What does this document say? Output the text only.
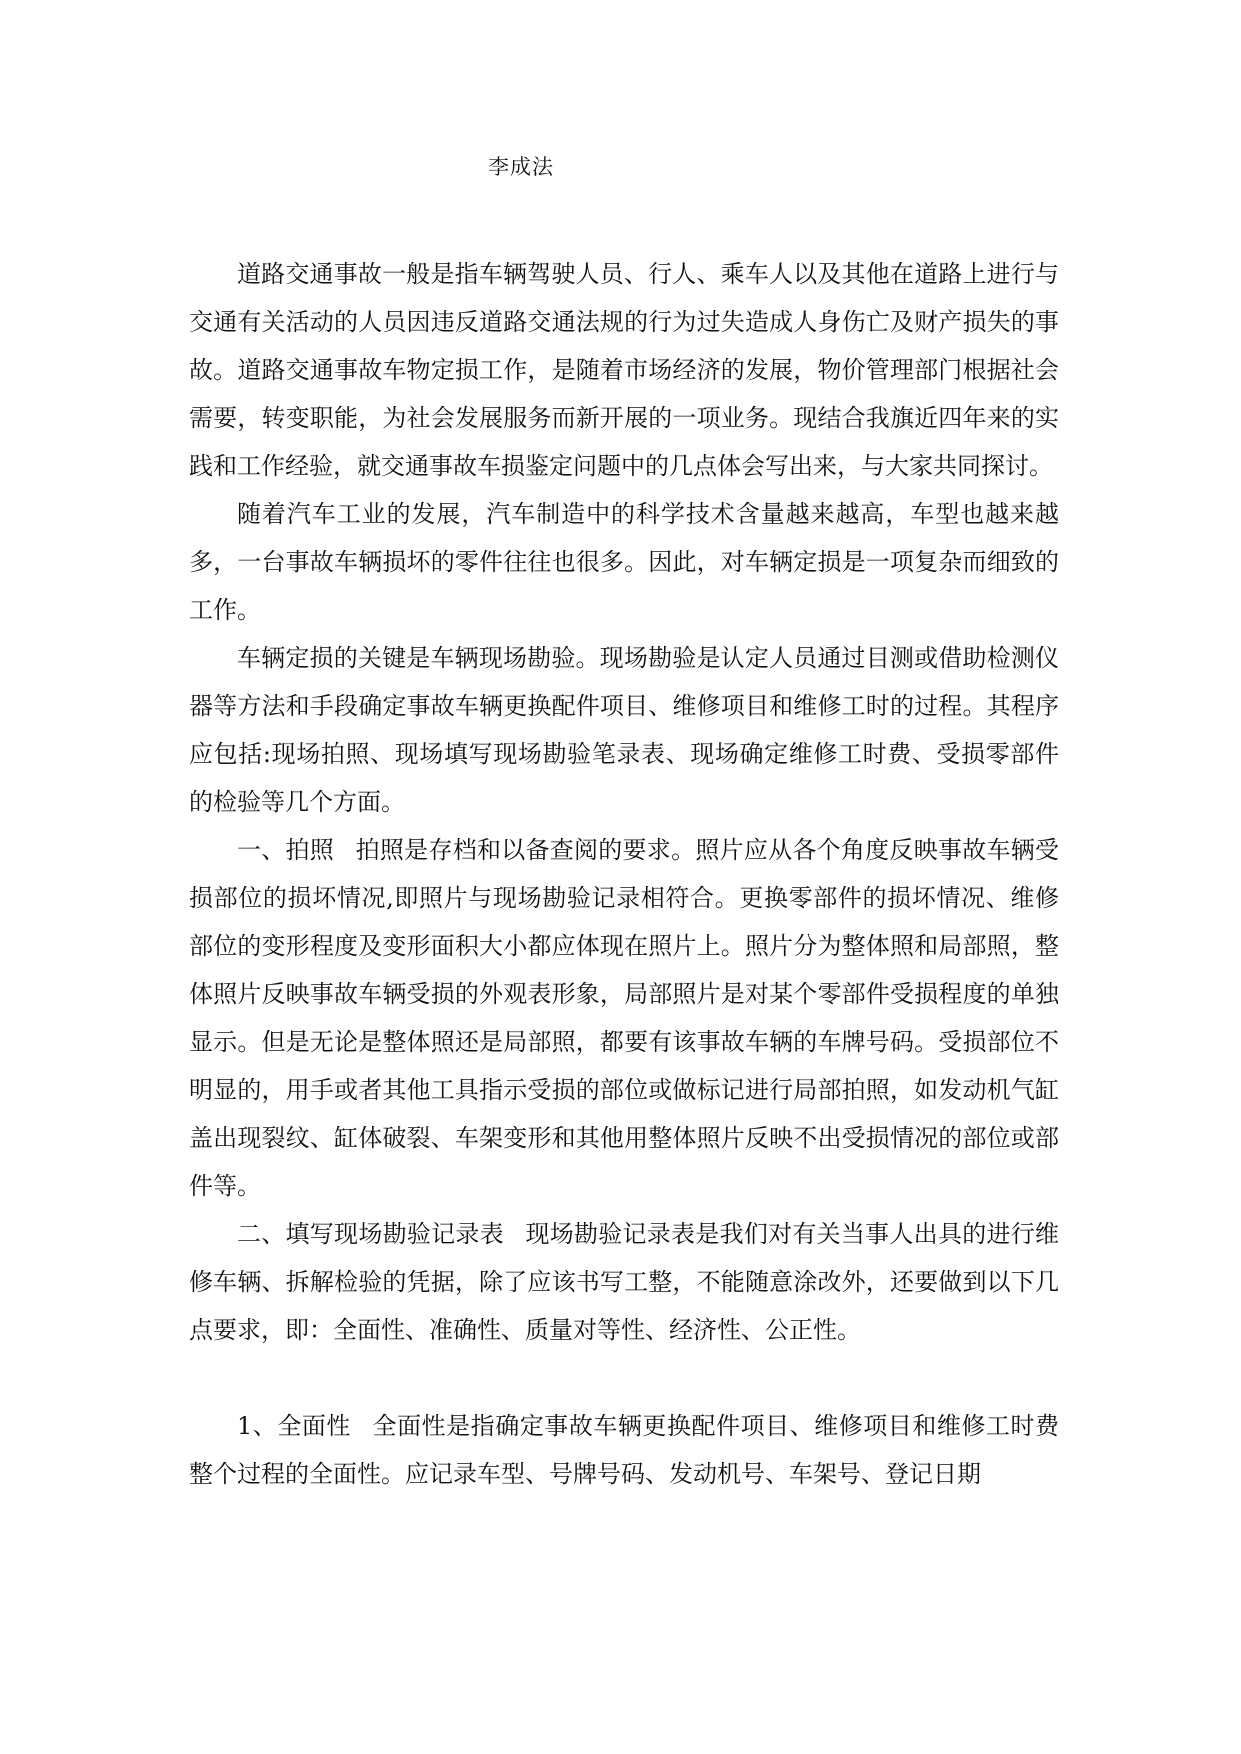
李成法

道路交通事故一般是指车辆驾驶人员、行人、乘车人以及其他在道路上进行与交通有关活动的人员因违反道路交通法规的行为过失造成人身伤亡及财产损失的事故。道路交通事故车物定损工作，是随着市场经济的发展，物价管理部门根据社会需要，转变职能，为社会发展服务而新开展的一项业务。现结合我旗近四年来的实践和工作经验，就交通事故车损鉴定问题中的几点体会写出来，与大家共同探讨。

随着汽车工业的发展，汽车制造中的科学技术含量越来越高，车型也越来越多，一台事故车辆损坏的零件往往也很多。因此，对车辆定损是一项复杂而细致的工作。

车辆定损的关键是车辆现场勘验。现场勘验是认定人员通过目测或借助检测仪器等方法和手段确定事故车辆更换配件项目、维修项目和维修工时的过程。其程序应包括:现场拍照、现场填写现场勘验笔录表、现场确定维修工时费、受损零部件的检验等几个方面。

一、拍照 拍照是存档和以备查阅的要求。照片应从各个角度反映事故车辆受损部位的损坏情况,即照片与现场勘验记录相符合。更换零部件的损坏情况、维修部位的变形程度及变形面积大小都应体现在照片上。照片分为整体照和局部照，整体照片反映事故车辆受损的外观表形象，局部照片是对某个零部件受损程度的单独显示。但是无论是整体照还是局部照，都要有该事故车辆的车牌号码。受损部位不明显的，用手或者其他工具指示受损的部位或做标记进行局部拍照，如发动机气缸盖出现裂纹、缸体破裂、车架变形和其他用整体照片反映不出受损情况的部位或部件等。

二、填写现场勘验记录表 现场勘验记录表是我们对有关当事人出具的进行维修车辆、拆解检验的凭据，除了应该书写工整，不能随意涂改外，还要做到以下几点要求，即：全面性、准确性、质量对等性、经济性、公正性。

1、全面性 全面性是指确定事故车辆更换配件项目、维修项目和维修工时费整个过程的全面性。应记录车型、号牌号码、发动机号、车架号、登记日期
